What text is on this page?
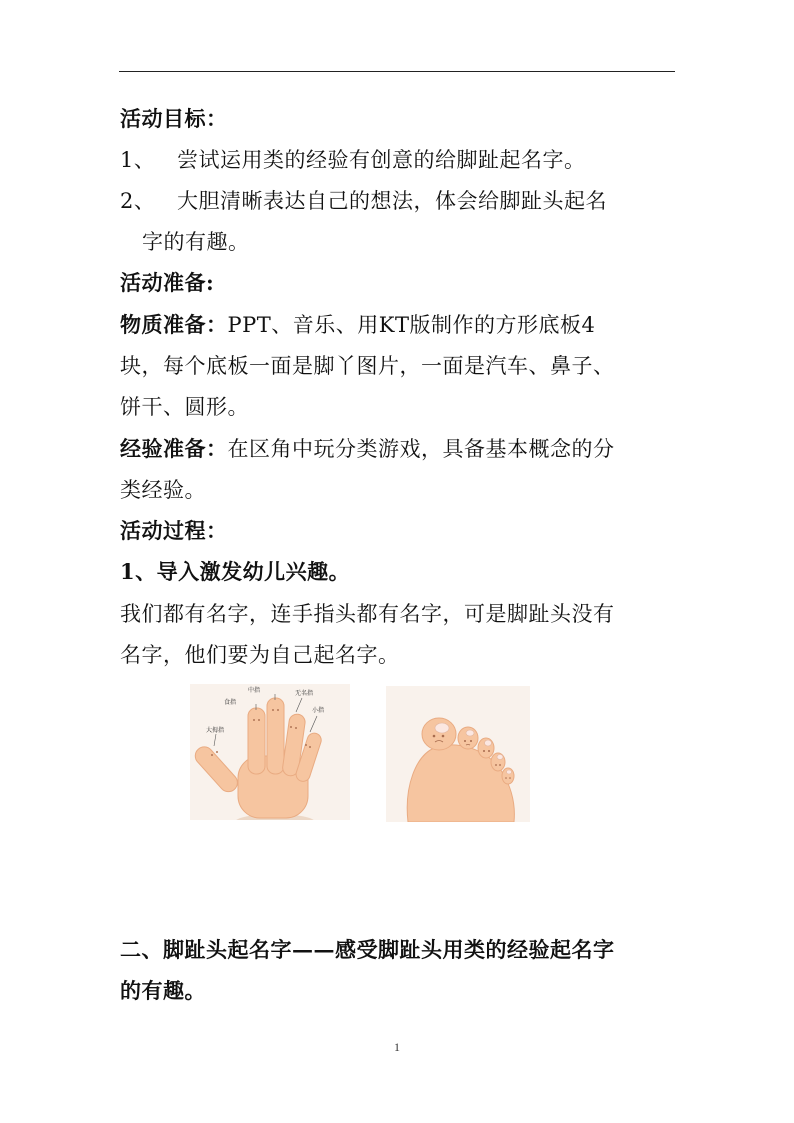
活动目标：
1、 尝试运用类的经验有创意的给脚趾起名字。
2、 大胆清晰表达自己的想法，体会给脚趾头起名
字的有趣。
活动准备:
物质准备：PPT、音乐、用KT版制作的方形底板4
块，每个底板一面是脚丫图片，一面是汽车、鼻子、
饼干、圆形。
经验准备：在区角中玩分类游戏，具备基本概念的分
类经验。
活动过程：
1、导入激发幼儿兴趣。
我们都有名字，连手指头都有名字，可是脚趾头没有
名字，他们要为自己起名字。
食指
中指	无名指
小指
大拇指
二、脚趾头起名字——感受脚趾头用类的经验起名字
的有趣。
1
